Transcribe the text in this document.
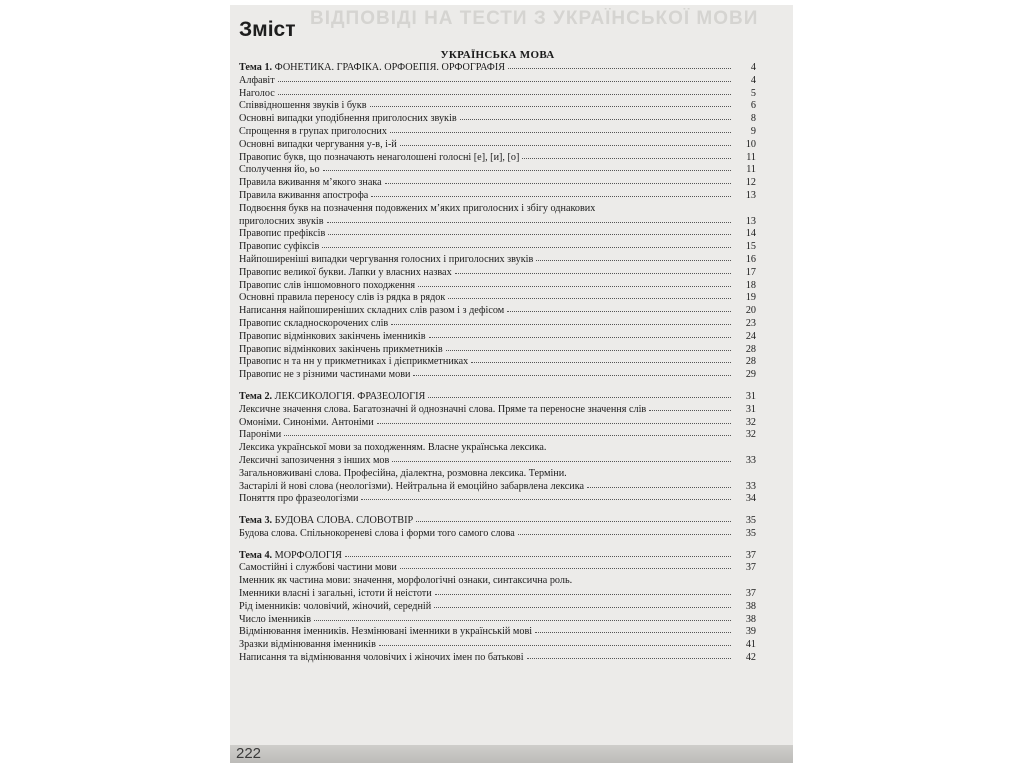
ВІДПОВІДІ НА ТЕСТИ З УКРАЇНСЬКОЇ МОВИ
Зміст
УКРАЇНСЬКА МОВА
Тема 1. ФОНЕТИКА. ГРАФІКА. ОРФОЕПІЯ. ОРФОГРАФІЯ	4
Алфавіт	4
Наголос	5
Співвідношення звуків і букв	6
Основні випадки уподібнення приголосних звуків	8
Спрощення в групах приголосних	9
Основні випадки чергування у-в, і-й	10
Правопис букв, що позначають ненаголошені голосні [е], [и], [о]	11
Сполучення йо, ьо	11
Правила вживання м’якого знака	12
Правила вживання апострофа	13
Подвоєння букв на позначення подовжених м’яких приголосних і збігу однакових
приголосних звуків	13
Правопис префіксів	14
Правопис суфіксів	15
Найпоширеніші випадки чергування голосних і приголосних звуків	16
Правопис великої букви. Лапки у власних назвах	17
Правопис слів іншомовного походження	18
Основні правила переносу слів із рядка в рядок	19
Написання найпоширеніших складних слів разом і з дефісом	20
Правопис складноскорочених слів	23
Правопис відмінкових закінчень іменників	24
Правопис відмінкових закінчень прикметників	28
Правопис н та нн у прикметниках і дієприкметниках	28
Правопис не з різними частинами мови	29
Тема 2. ЛЕКСИКОЛОГІЯ. ФРАЗЕОЛОГІЯ	31
Лексичне значення слова. Багатозначні й однозначні слова. Пряме та переносне значення слів	31
Омоніми. Синоніми. Антоніми	32
Пароніми	32
Лексика української мови за походженням. Власне українська лексика.
Лексичні запозичення з інших мов	33
Загальновживані слова. Професійна, діалектна, розмовна лексика. Терміни.
Застарілі й нові слова (неологізми). Нейтральна й емоційно забарвлена лексика	33
Поняття про фразеологізми	34
Тема 3. БУДОВА СЛОВА. СЛОВОТВІР	35
Будова слова. Спільнокореневі слова і форми того самого слова	35
Тема 4. МОРФОЛОГІЯ	37
Самостійні і службові частини мови	37
Іменник як частина мови: значення, морфологічні ознаки, синтаксична роль.
Іменники власні і загальні, істоти й неістоти	37
Рід іменників: чоловічий, жіночий, середній	38
Число іменників	38
Відмінювання іменників. Незмінювані іменники в українській мові	39
Зразки відмінювання іменників	41
Написання та відмінювання чоловічих і жіночих імен по батькові	42
222
